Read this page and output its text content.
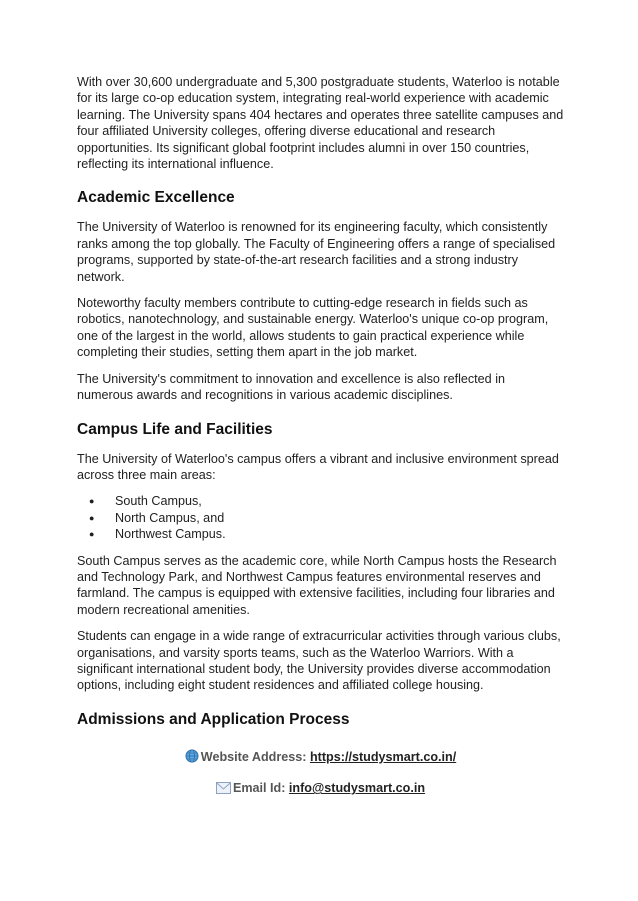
With over 30,600 undergraduate and 5,300 postgraduate students, Waterloo is notable for its large co-op education system, integrating real-world experience with academic learning. The University spans 404 hectares and operates three satellite campuses and four affiliated University colleges, offering diverse educational and research opportunities. Its significant global footprint includes alumni in over 150 countries, reflecting its international influence.

Academic Excellence

The University of Waterloo is renowned for its engineering faculty, which consistently ranks among the top globally. The Faculty of Engineering offers a range of specialised programs, supported by state-of-the-art research facilities and a strong industry network.

Noteworthy faculty members contribute to cutting-edge research in fields such as robotics, nanotechnology, and sustainable energy. Waterloo's unique co-op program, one of the largest in the world, allows students to gain practical experience while completing their studies, setting them apart in the job market.

The University's commitment to innovation and excellence is also reflected in numerous awards and recognitions in various academic disciplines.

Campus Life and Facilities

The University of Waterloo's campus offers a vibrant and inclusive environment spread across three main areas:

● South Campus,
● North Campus, and
● Northwest Campus.

South Campus serves as the academic core, while North Campus hosts the Research and Technology Park, and Northwest Campus features environmental reserves and farmland. The campus is equipped with extensive facilities, including four libraries and modern recreational amenities.

Students can engage in a wide range of extracurricular activities through various clubs, organisations, and varsity sports teams, such as the Waterloo Warriors. With a significant international student body, the University provides diverse accommodation options, including eight student residences and affiliated college housing.

Admissions and Application Process
Website Address: https://studysmart.co.in/
Email Id: info@studysmart.co.in
